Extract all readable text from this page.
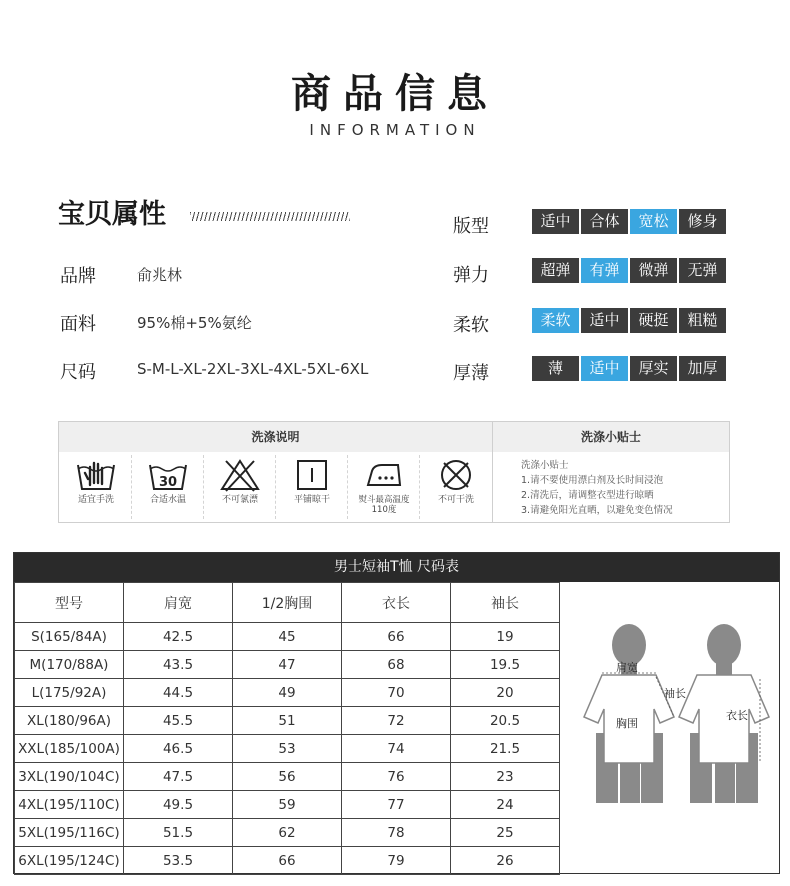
商品信息
INFORMATION
宝贝属性
品牌	俞兆林
面料	95%棉+5%氨纶
尺码	S-M-L-XL-2XL-3XL-4XL-5XL-6XL
版型	适中	合体	宽松	修身
弹力	超弹	有弹	微弹	无弹
柔软	柔软	适中	硬挺	粗糙
厚薄	薄	适中	厚实	加厚
洗涤说明	洗涤小贴士
适宜手洗
30
合适水温	不可氯漂	平铺晾干	熨斗最高温度110度
不可干洗
洗涤小贴士
1.请不要使用漂白剂及长时间浸泡
2.清洗后，请调整衣型进行晾晒
3.请避免阳光直晒，以避免变色情况
男士短袖T恤 尺码表
型号	肩宽	1/2胸围	衣长	袖长
S(165/84A)	42.5	45	66	19
M(170/88A)	43.5	47	68	19.5
L(175/92A)	44.5	49	70	20
XL(180/96A)	45.5	51	72	20.5
XXL(185/100A)	46.5	53	74	21.5
3XL(190/104C)	47.5	56	76	23
4XL(195/110C)	49.5	59	77	24
5XL(195/116C)	51.5	62	78	25
6XL(195/124C)	53.5	66	79	26
肩宽
胸围
袖长
衣长
